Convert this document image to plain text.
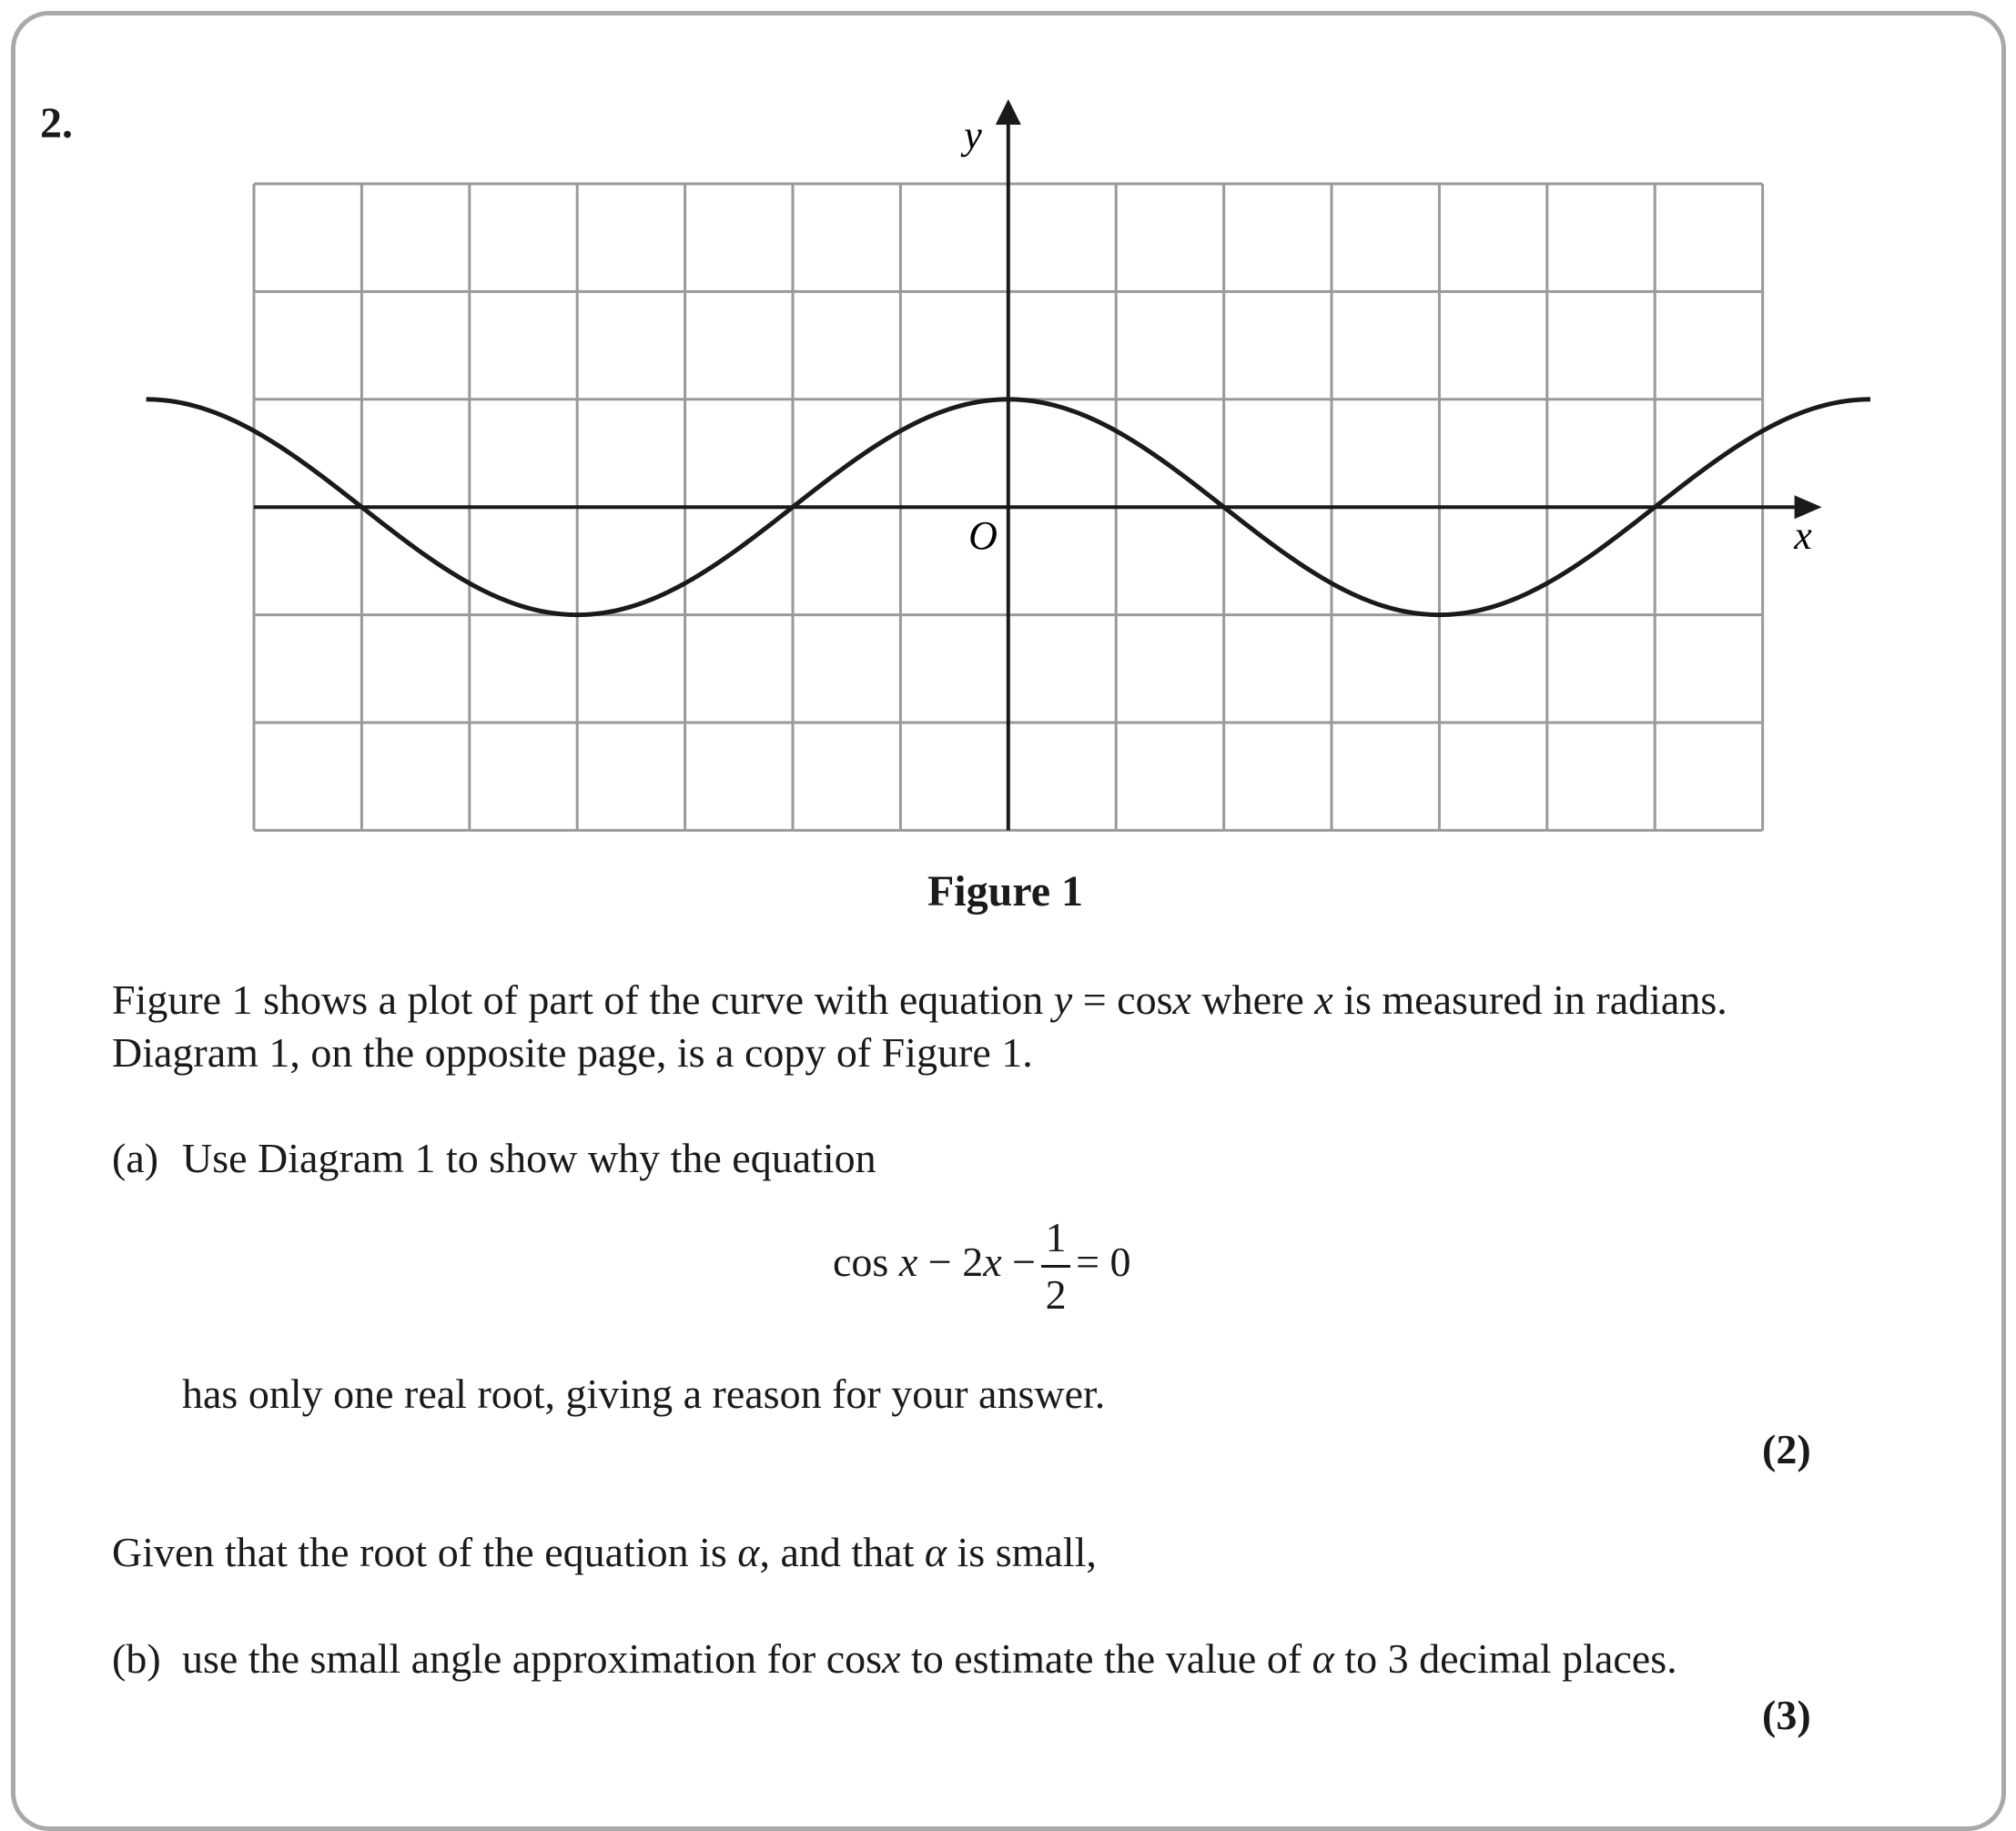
2.	y
x
O
Figure 1
Figure 1 shows a plot of part of the curve with equation y = cosx where x is measured in radians.
Diagram 1, on the opposite page, is a copy of Figure 1.
(a) Use Diagram 1 to show why the equation
$\cos x - 2x - \frac{1}{2} = 0$
has only one real root, giving a reason for your answer.
(2)
Given that the root of the equation is α, and that α is small,
(b) use the small angle approximation for cosx to estimate the value of α to 3 decimal places.
(3)
